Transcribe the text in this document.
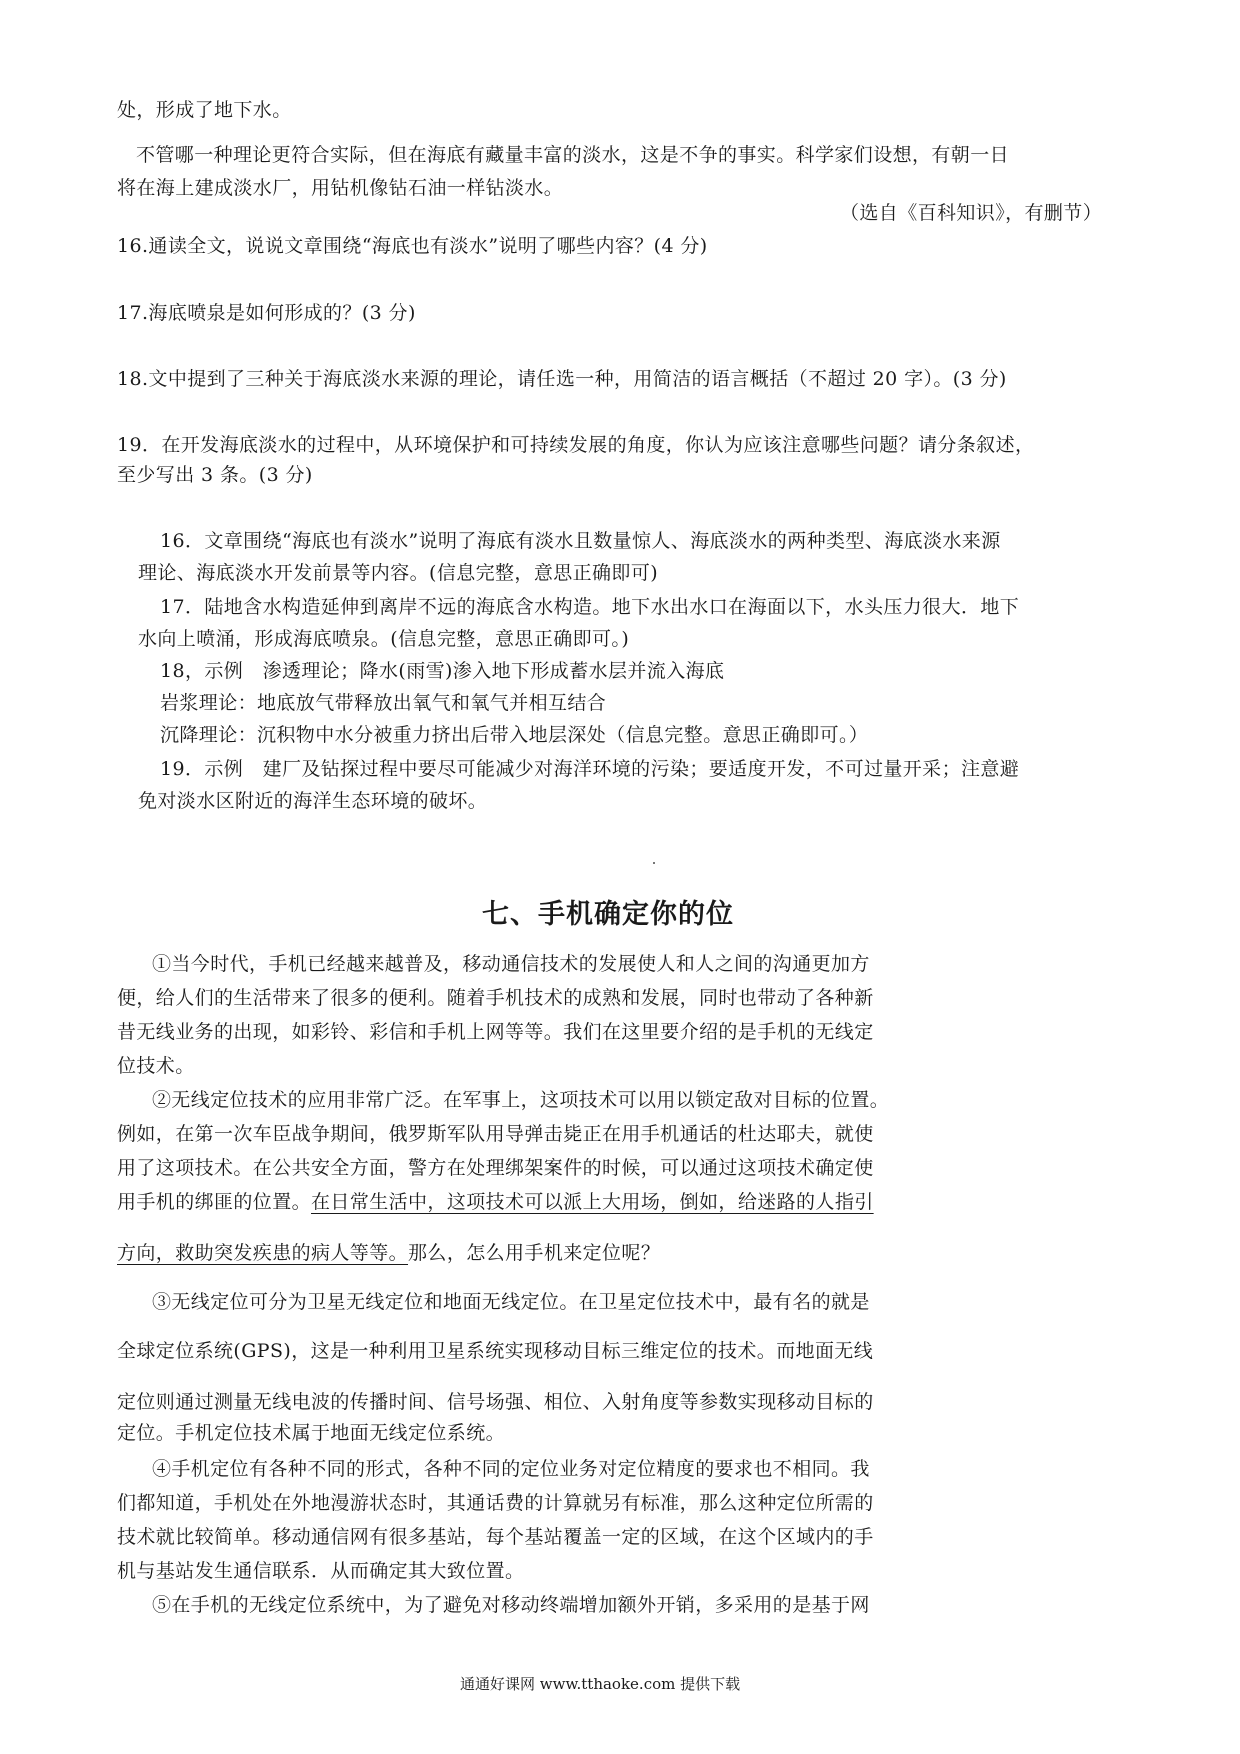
处，形成了地下水。
不管哪一种理论更符合实际，但在海底有藏量丰富的淡水，这是不争的事实。科学家们设想，有朝一日
将在海上建成淡水厂，用钻机像钻石油一样钻淡水。
（选自《百科知识》，有删节）
16.通读全文，说说文章围绕“海底也有淡水”说明了哪些内容？(4 分)
17.海底喷泉是如何形成的？(3 分)
18.文中提到了三种关于海底淡水来源的理论，请任选一种，用简洁的语言概括（不超过 20 字）。(3 分)
19．在开发海底淡水的过程中，从环境保护和可持续发展的角度，你认为应该注意哪些问题？请分条叙述，
至少写出 3 条。(3 分)
16．文章围绕“海底也有淡水”说明了海底有淡水且数量惊人、海底淡水的两种类型、海底淡水来源
理论、海底淡水开发前景等内容。(信息完整，意思正确即可)
17．陆地含水构造延伸到离岸不远的海底含水构造。地下水出水口在海面以下，水头压力很大．地下
水向上喷涌，形成海底喷泉。(信息完整，意思正确即可。)
18，示例　渗透理论；降水(雨雪)渗入地下形成蓄水层并流入海底
岩浆理论：地底放气带释放出氧气和氧气并相互结合
沉降理论：沉积物中水分被重力挤出后带入地层深处（信息完整。意思正确即可。）
19．示例　建厂及钻探过程中要尽可能减少对海洋环境的污染；要适度开发，不可过量开采；注意避
免对淡水区附近的海洋生态环境的破坏。
七、手机确定你的位
①当今时代，手机已经越来越普及，移动通信技术的发展使人和人之间的沟通更加方
便，给人们的生活带来了很多的便利。随着手机技术的成熟和发展，同时也带动了各种新
昔无线业务的出现，如彩铃、彩信和手机上网等等。我们在这里要介绍的是手机的无线定
位技术。
②无线定位技术的应用非常广泛。在军事上，这项技术可以用以锁定敌对目标的位置。
例如，在第一次车臣战争期间，俄罗斯军队用导弹击毙正在用手机通话的杜达耶夫，就使
用了这项技术。在公共安全方面，警方在处理绑架案件的时候，可以通过这项技术确定使
用手机的绑匪的位置。在日常生活中，这项技术可以派上大用场，倒如，给迷路的人指引
方向，救助突发疾患的病人等等。那么，怎么用手机来定位呢？
③无线定位可分为卫星无线定位和地面无线定位。在卫星定位技术中，最有名的就是
全球定位系统(GPS)，这是一种利用卫星系统实现移动目标三维定位的技术。而地面无线
定位则通过测量无线电波的传播时间、信号场强、相位、入射角度等参数实现移动目标的
定位。手机定位技术属于地面无线定位系统。
④手机定位有各种不同的形式，各种不同的定位业务对定位精度的要求也不相同。我
们都知道，手机处在外地漫游状态时，其通话费的计算就另有标准，那么这种定位所需的
技术就比较简单。移动通信网有很多基站，每个基站覆盖一定的区域，在这个区域内的手
机与基站发生通信联系．从而确定其大致位置。
⑤在手机的无线定位系统中，为了避免对移动终端增加额外开销，多采用的是基于网
通通好课网 www.tthaoke.com 提供下载
